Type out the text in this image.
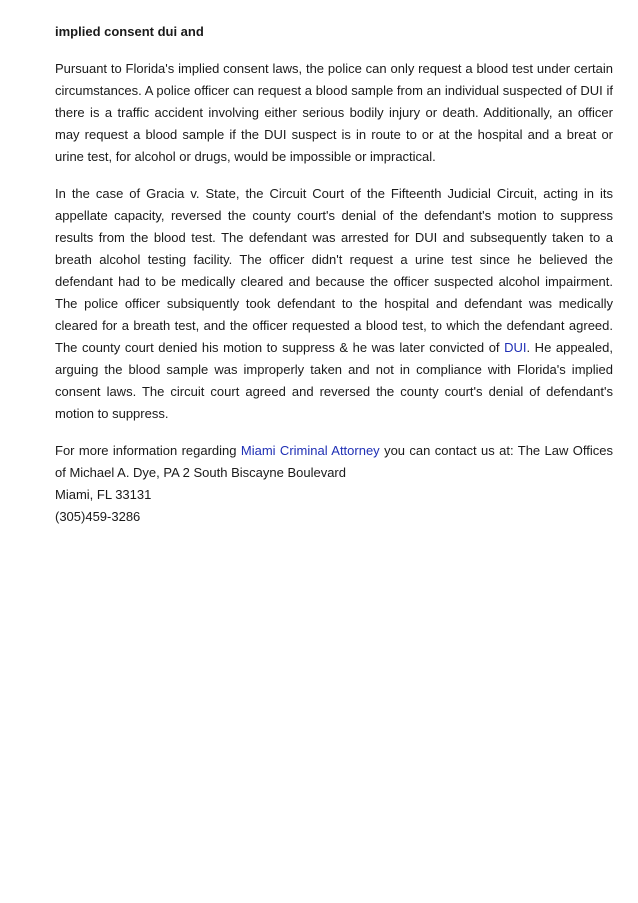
implied consent dui and

Pursuant to Florida's implied consent laws, the police can only request a blood test under certain circumstances. A police officer can request a blood sample from an individual suspected of DUI if there is a traffic accident involving either serious bodily injury or death. Additionally, an officer may request a blood sample if the DUI suspect is in route to or at the hospital and a breat or urine test, for alcohol or drugs, would be impossible or impractical.

In the case of Gracia v. State, the Circuit Court of the Fifteenth Judicial Circuit, acting in its appellate capacity, reversed the county court's denial of the defendant's motion to suppress results from the blood test. The defendant was arrested for DUI and subsequently taken to a breath alcohol testing facility. The officer didn't request a urine test since he believed the defendant had to be medically cleared and because the officer suspected alcohol impairment. The police officer subsiquently took defendant to the hospital and defendant was medically cleared for a breath test, and the officer requested a blood test, to which the defendant agreed. The county court denied his motion to suppress & he was later convicted of DUI. He appealed, arguing the blood sample was improperly taken and not in compliance with Florida's implied consent laws. The circuit court agreed and reversed the county court's denial of defendant's motion to suppress.

For more information regarding Miami Criminal Attorney you can contact us at: The Law Offices of Michael A. Dye, PA 2 South Biscayne Boulevard
Miami, FL 33131
(305)459-3286
